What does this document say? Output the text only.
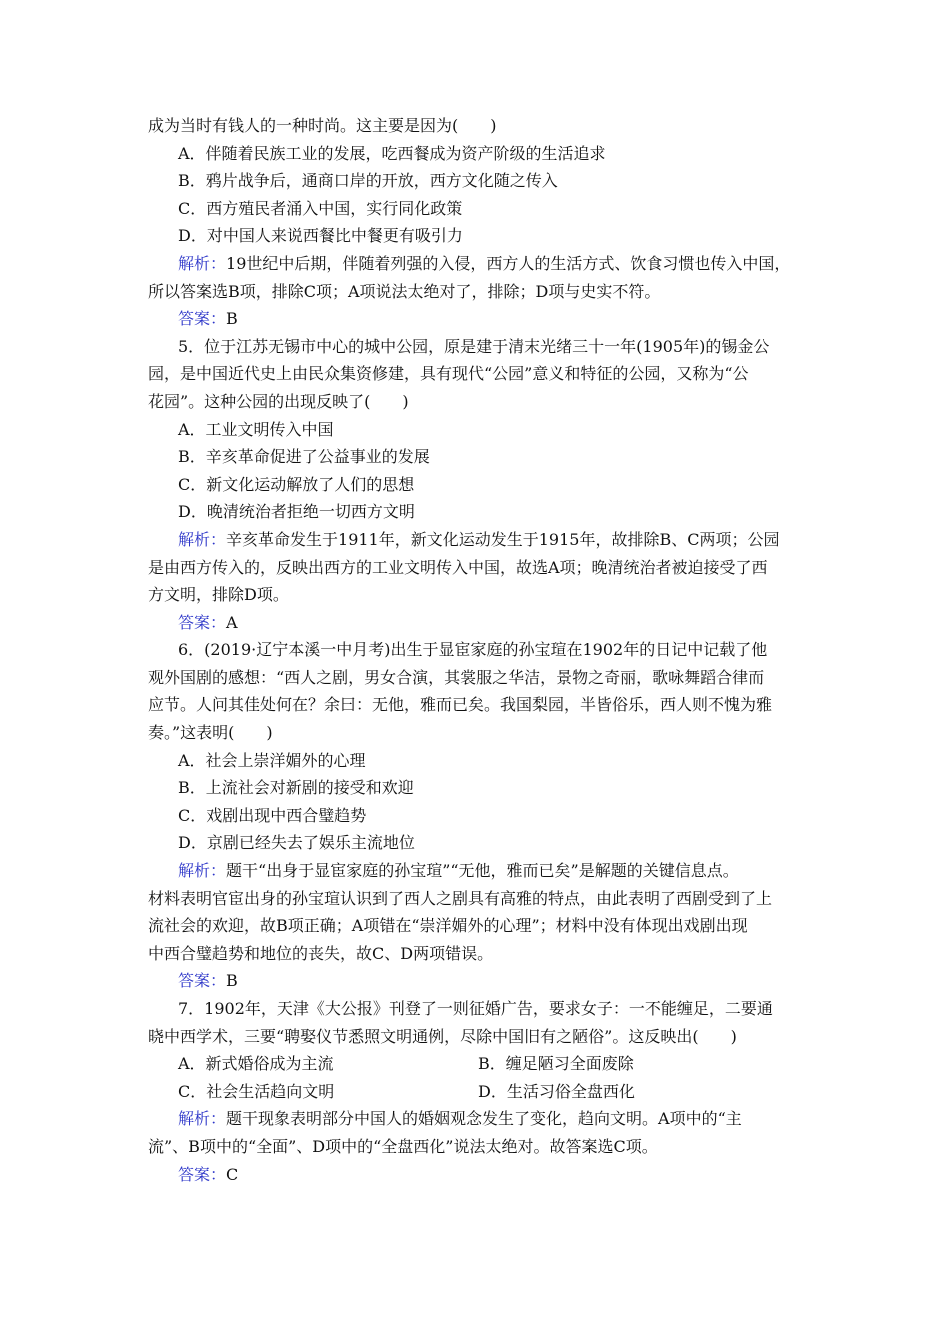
成为当时有钱人的一种时尚。这主要是因为(　　)
A．伴随着民族工业的发展，吃西餐成为资产阶级的生活追求
B．鸦片战争后，通商口岸的开放，西方文化随之传入
C．西方殖民者涌入中国，实行同化政策
D．对中国人来说西餐比中餐更有吸引力
解析：19世纪中后期，伴随着列强的入侵，西方人的生活方式、饮食习惯也传入中国，
所以答案选B项，排除C项；A项说法太绝对了，排除；D项与史实不符。
答案：B
5．位于江苏无锡市中心的城中公园，原是建于清末光绪三十一年(1905年)的锡金公
园，是中国近代史上由民众集资修建，具有现代“公园”意义和特征的公园，又称为“公
花园”。这种公园的出现反映了(　　)
A．工业文明传入中国
B．辛亥革命促进了公益事业的发展
C．新文化运动解放了人们的思想
D．晚清统治者拒绝一切西方文明
解析：辛亥革命发生于1911年，新文化运动发生于1915年，故排除B、C两项；公园
是由西方传入的，反映出西方的工业文明传入中国，故选A项；晚清统治者被迫接受了西
方文明，排除D项。
答案：A
6．(2019·辽宁本溪一中月考)出生于显宦家庭的孙宝瑄在1902年的日记中记载了他
观外国剧的感想：“西人之剧，男女合演，其裳服之华洁，景物之奇丽，歌咏舞蹈合律而
应节。人问其佳处何在？余曰：无他，雅而已矣。我国梨园，半皆俗乐，西人则不愧为雅
奏。”这表明(　　)
A．社会上崇洋媚外的心理
B．上流社会对新剧的接受和欢迎
C．戏剧出现中西合璧趋势
D．京剧已经失去了娱乐主流地位
解析：题干“出身于显宦家庭的孙宝瑄”“无他，雅而已矣”是解题的关键信息点。
材料表明官宦出身的孙宝瑄认识到了西人之剧具有高雅的特点，由此表明了西剧受到了上
流社会的欢迎，故B项正确；A项错在“崇洋媚外的心理”；材料中没有体现出戏剧出现
中西合璧趋势和地位的丧失，故C、D两项错误。
答案：B
7．1902年，天津《大公报》刊登了一则征婚广告，要求女子：一不能缠足，二要通
晓中西学术，三要“聘娶仪节悉照文明通例，尽除中国旧有之陋俗”。这反映出(　　)
A．新式婚俗成为主流	B．缠足陋习全面废除
C．社会生活趋向文明	D．生活习俗全盘西化
解析：题干现象表明部分中国人的婚姻观念发生了变化，趋向文明。A项中的“主
流”、B项中的“全面”、D项中的“全盘西化”说法太绝对。故答案选C项。
答案：C
